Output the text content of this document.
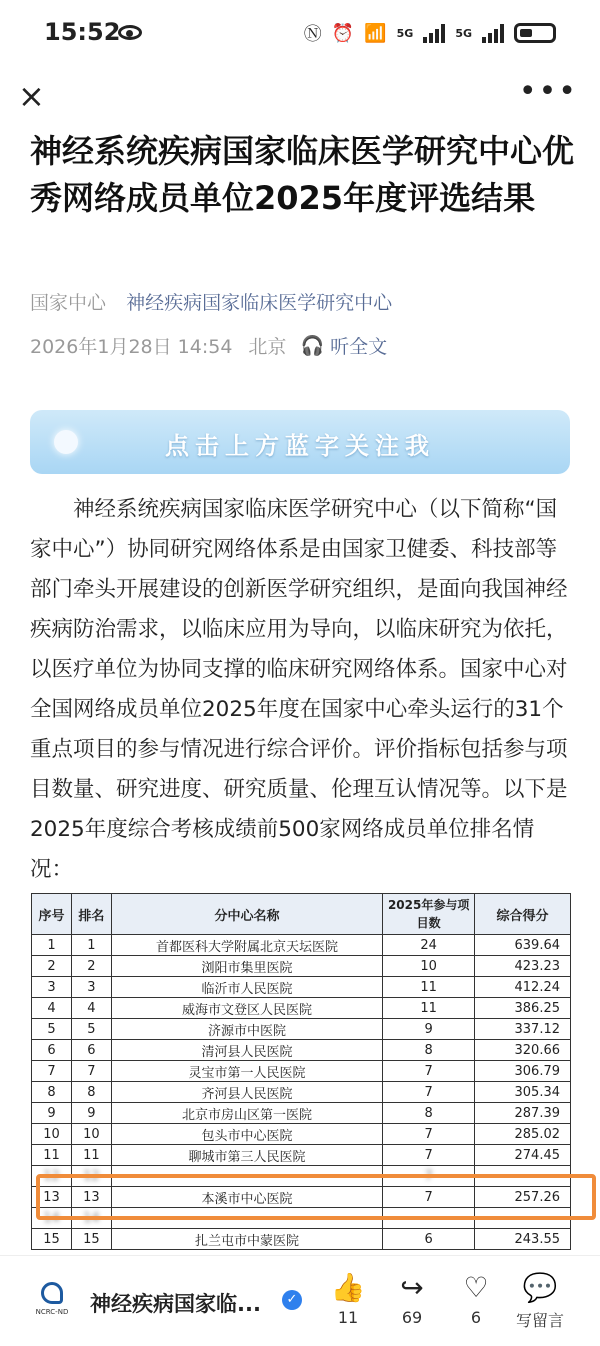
15:52	Ⓝ ⏰ 📶 5G	5G
×	•••
神经系统疾病国家临床医学研究中心优秀网络成员单位2025年度评选结果
国家中心 神经疾病国家临床医学研究中心
2026年1月28日 14:54 北京 🎧 听全文
点击上方蓝字关注我

神经系统疾病国家临床医学研究中心（以下简称“国家中心”）协同研究网络体系是由国家卫健委、科技部等部门牵头开展建设的创新医学研究组织，是面向我国神经疾病防治需求，以临床应用为导向，以临床研究为依托，以医疗单位为协同支撑的临床研究网络体系。国家中心对全国网络成员单位2025年度在国家中心牵头运行的31个重点项目的参与情况进行综合评价。评价指标包括参与项目数量、研究进度、研究质量、伦理互认情况等。以下是2025年度综合考核成绩前500家网络成员单位排名情况：

序号	排名	分中心名称	2025年参与项目数	综合得分
1	1	首都医科大学附属北京天坛医院	24	639.64
2	2	浏阳市集里医院	10	423.23
3	3	临沂市人民医院	11	412.24
4	4	威海市文登区人民医院	11	386.25
5	5	济源市中医院	9	337.12
6	6	清河县人民医院	8	320.66
7	7	灵宝市第一人民医院	7	306.79
8	8	齐河县人民医院	7	305.34
9	9	北京市房山区第一医院	8	287.39
10	10	包头市中心医院	7	285.02
11	11	聊城市第三人民医院	7	274.45
12	12		7	
13	13	本溪市中心医院	7	257.26
14	14			
15	15	扎兰屯市中蒙医院	6	243.55
NCRC-ND 神经疾病国家临...	✓	👍
11
↪
69
♡
6
💬
写留言
